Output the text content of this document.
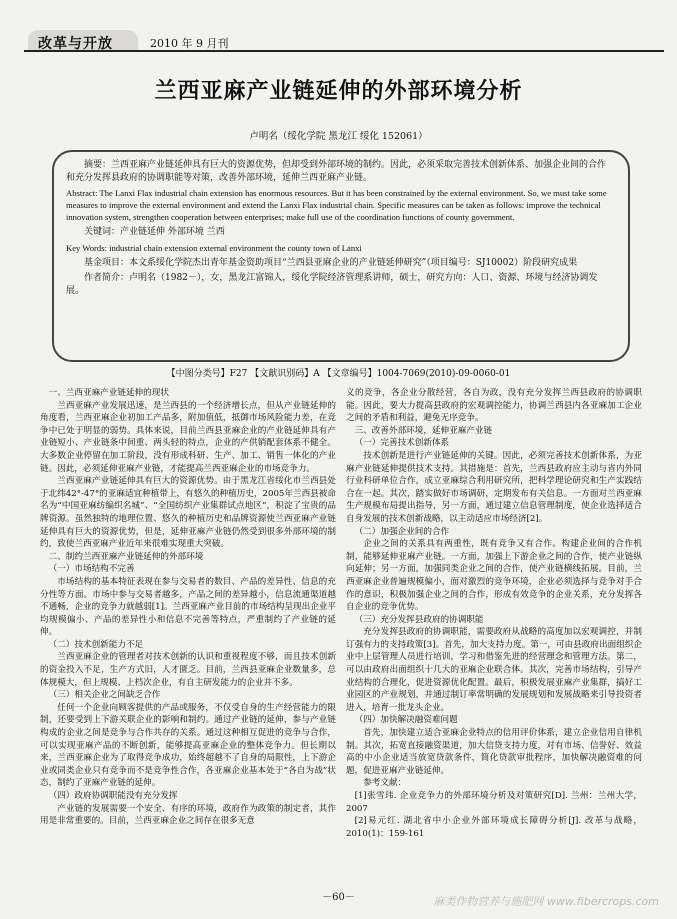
改革与开放	2010 年 9 月刊
兰西亚麻产业链延伸的外部环境分析
卢明名（绥化学院 黑龙江 绥化 152061）

摘要：兰西亚麻产业链延伸具有巨大的资源优势，但却受到外部环境的制约。因此，必须采取完善技术创新体系、加强企业间的合作和充分发挥县政府的协调职能等对策，改善外部环境，延伸兰西亚麻产业链。

Abstract: The Lanxi Flax industrial chain extension has enormous resources. But it has been constrained by the external environment. So, we must take some measures to improve the external environment and extend the Lanxi Flax industrial chain. Specific measures can be taken as follows: improve the technical innovation system, strengthen cooperation between enterprises; make full use of the coordination functions of county government.

关键词：产业链延伸 外部环境 兰西

Key Words: industrial chain extension external environment the county town of Lanxi

基金项目：本文系绥化学院杰出青年基金资助项目“兰西县亚麻企业的产业链延伸研究”（项目编号：SJ10002）阶段研究成果

作者简介：卢明名（1982－），女，黑龙江富锦人，绥化学院经济管理系讲师，硕士，研究方向：人口、资源、环境与经济协调发展。

【中图分类号】F27 【文献识别码】A 【文章编号】1004-7069(2010)-09-0060-01

一、兰西亚麻产业链延伸的现状

兰西亚麻产业发展迅速，是兰西县的一个经济增长点，但从产业链延伸的角度看，兰西亚麻企业初加工产品多，附加值低，抵御市场风险能力差，在竞争中已处于明显的弱势。具体来说，目前兰西县亚麻企业的产业链延伸具有产业链短小、产业链条中间重、两头轻的特点，企业的产供销配套体系不健全。大多数企业停留在加工阶段，没有形成科研、生产、加工、销售一体化的产业链。因此，必须延伸亚麻产业链，才能提高兰西亚麻企业的市场竞争力。

兰西亚麻产业链延伸具有巨大的资源优势。由于黑龙江省绥化市兰西县处于北纬42°-47°的亚麻适宜种植带上，有悠久的种植历史，2005年兰西县被命名为“中国亚麻纺编织名城”、“全国纺织产业集群试点地区”，积淀了宝贵的品牌资源。虽然独特的地理位置、悠久的种植历史和品牌资源使兰西亚麻产业链延伸具有巨大的资源优势，但是，延伸亚麻产业链仍然受到很多外部环境的制约，致使兰西亚麻产业近年来很难实现重大突破。

二、制约兰西亚麻产业链延伸的外部环境

（一）市场结构不完善

市场结构的基本特征表现在参与交易者的数目、产品的差异性、信息的充分性等方面。市场中参与交易者越多，产品之间的差异越小，信息流通渠道越不通畅，企业的竞争力就越弱[1]。兰西亚麻产业目前的市场结构呈现出企业平均规模偏小、产品的差异性小和信息不完善等特点，严重制约了产业链的延伸。

（二）技术创新能力不足

兰西亚麻企业的管理者对技术创新的认识和重视程度不够，而且技术创新的资金投入不足，生产方式旧，人才匮乏。目前，兰西县亚麻企业数量多，总体规模大，但上规模、上档次企业，有自主研发能力的企业并不多。

（三）相关企业之间缺乏合作

任何一个企业向顾客提供的产品或服务，不仅受自身的生产经营能力的限制，还要受到上下游关联企业的影响和制约。通过产业链的延伸，参与产业链构成的企业之间是竞争与合作共存的关系。通过这种相互促进的竞争与合作，可以实现亚麻产品的不断创新，能够提高亚麻企业的整体竞争力。但长期以来，兰西亚麻企业为了取得竞争成功，始终超越不了自身的局限性，上下游企业或同类企业只有竞争而不是竞争性合作，各亚麻企业基本处于“各自为战”状态，制约了亚麻产业链的延伸。

（四）政府协调职能没有充分发挥

产业链的发展需要一个安全、有序的环境，政府作为政策的制定者，其作用是非常重要的。目前，兰西亚麻企业之间存在很多无意

义的竞争，各企业分散经营，各自为政，没有充分发挥兰西县政府的协调职能。因此，要大力提高县政府的宏观调控能力，协调兰西县内各亚麻加工企业之间的矛盾和利益，避免无序竞争。

三、改善外部环境，延伸亚麻产业链

（一）完善技术创新体系

技术创新是进行产业链延伸的关键。因此，必须完善技术创新体系，为亚麻产业链延伸提供技术支持。其措施是：首先，兰西县政府应主动与省内外同行业科研单位合作，成立亚麻综合利用研究所，把科学理论研究和生产实践结合在一起。其次，踏实做好市场调研，定期发布有关信息。一方面对兰西亚麻生产规模布局提出指导，另一方面，通过建立信息管理制度，使企业选择适合自身发展的技术创新战略，以主动适应市场经济[2]。

（二）加强企业间的合作

企业之间的关系具有两重性，既有竞争又有合作。构建企业间的合作机制，能够延伸亚麻产业链。一方面，加强上下游企业之间的合作，使产业链纵向延伸；另一方面，加强同类企业之间的合作，使产业链横线拓展。目前，兰西亚麻企业普遍规模偏小，面对激烈的竞争环境，企业必须选择与竞争对手合作的意识，积极加强企业之间的合作，形成有效竞争的企业关系，充分发挥各自企业的竞争优势。

（三）充分发挥县政府的协调职能

充分发挥县政府的协调职能，需要政府从战略的高度加以宏观调控，并制订强有力的支持政策[3]。首先，加大支持力度。第一，可由县政府出面组织企业中上层管理人员进行培训，学习和借鉴先进的经营理念和管理方法。第二，可以由政府出面组织十几大的亚麻企业联合体。其次，完善市场结构，引导产业结构的合理化，促进资源优化配置。最后，积极发展亚麻产业集群，搞好工业园区的产业规划，并通过制订率常明确的发展规划和发展战略来引导投资者进入，培育一批龙头企业。

（四）加快解决融资难问题

首先，加快建立适合亚麻企业特点的信用评价体系，建立企业信用自律机制。其次，拓宽直接融资渠道，加大信贷支持力度，对有市场、信誉好、效益高的中小企业适当放宽贷款条件，简化贷款审批程序，加快解决融资难的问题，促进亚麻产业链延伸。

参考文献：

[1]张雪玮. 企业竞争力的外部环境分析及对策研究[D]. 兰州：兰州大学，2007

[2]易元红. 湖北省中小企业外部环境成长障碍分析[J]. 改革与战略，2010(1)：159-161

－60－	麻类作物营养与施肥网 www.fibercrops.com
